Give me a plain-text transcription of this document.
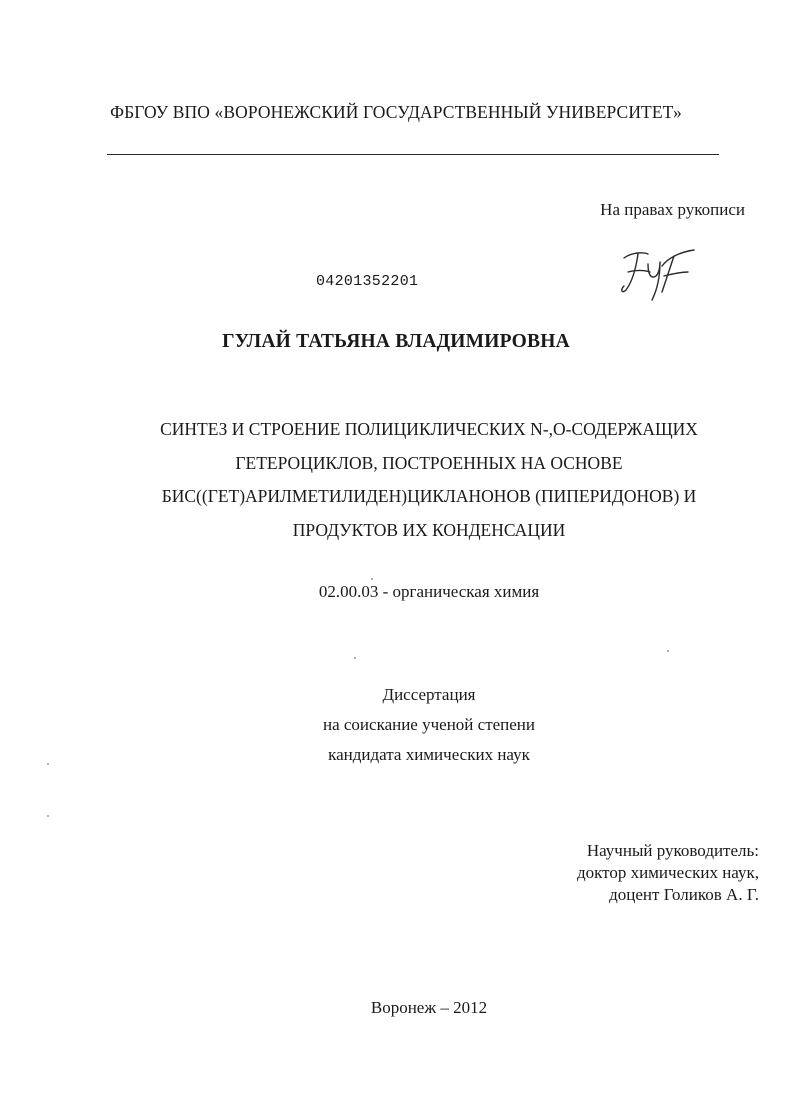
ФБГОУ ВПО «ВОРОНЕЖСКИЙ ГОСУДАРСТВЕННЫЙ УНИВЕРСИТЕТ»
На правах рукописи
04201352201
ГУЛАЙ ТАТЬЯНА ВЛАДИМИРОВНА
СИНТЕЗ И СТРОЕНИЕ ПОЛИЦИКЛИЧЕСКИХ N-,O-СОДЕРЖАЩИХ
ГЕТЕРОЦИКЛОВ, ПОСТРОЕННЫХ НА ОСНОВЕ
БИС((ГЕТ)АРИЛМЕТИЛИДЕН)ЦИКЛАНОНОВ (ПИПЕРИДОНОВ) И
ПРОДУКТОВ ИХ КОНДЕНСАЦИИ
02.00.03 - органическая химия
Диссертация
на соискание ученой степени
кандидата химических наук
Научный руководитель:
доктор химических наук,
доцент Голиков А. Г.
Воронеж – 2012
